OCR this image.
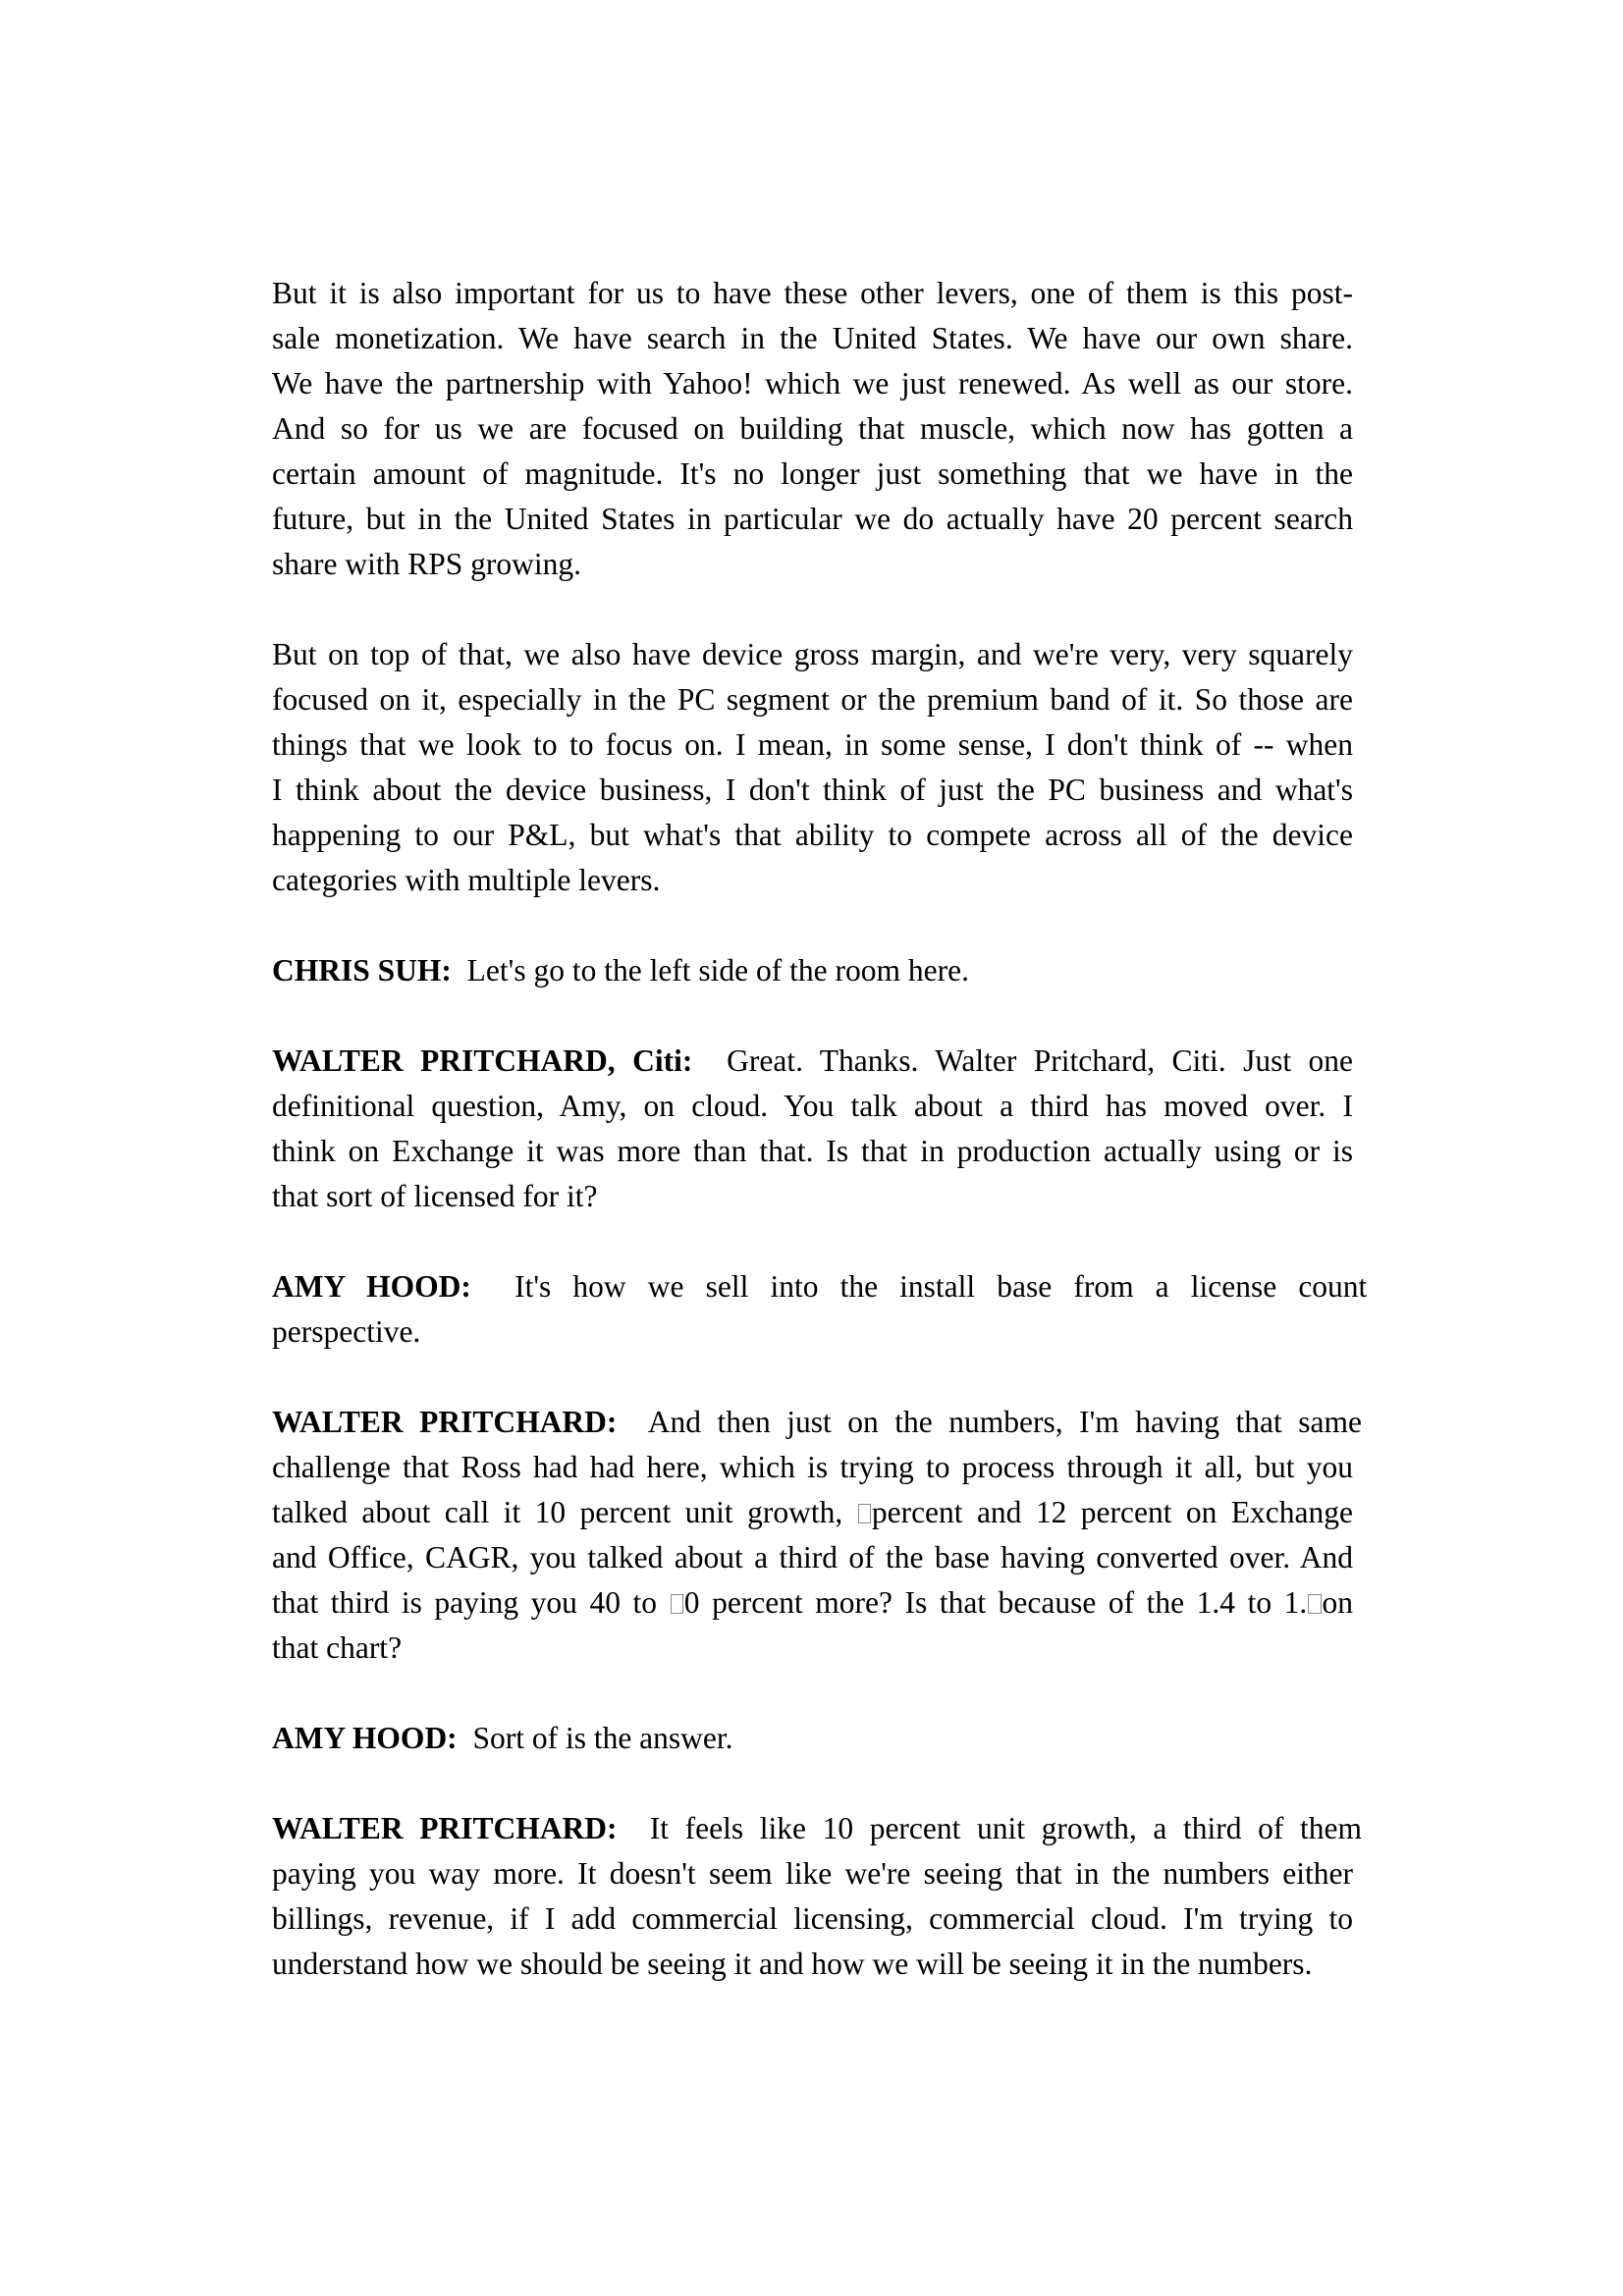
But it is also important for us to have these other levers, one of them is this post-
sale monetization. We have search in the United States. We have our own share.
We have the partnership with Yahoo! which we just renewed. As well as our store.
And so for us we are focused on building that muscle, which now has gotten a
certain amount of magnitude. It's no longer just something that we have in the
future, but in the United States in particular we do actually have 20 percent search
share with RPS growing.

But on top of that, we also have device gross margin, and we're very, very squarely
focused on it, especially in the PC segment or the premium band of it. So those are
things that we look to to focus on. I mean, in some sense, I don't think of -- when
I think about the device business, I don't think of just the PC business and what's
happening to our P&L, but what's that ability to compete across all of the device
categories with multiple levers.

CHRIS SUH: Let's go to the left side of the room here.

WALTER PRITCHARD, Citi: Great. Thanks. Walter Pritchard, Citi. Just one
definitional question, Amy, on cloud. You talk about a third has moved over. I
think on Exchange it was more than that. Is that in production actually using or is
that sort of licensed for it?

AMY HOOD: It's how we sell into the install base from a license count
perspective.

WALTER PRITCHARD: And then just on the numbers, I'm having that same
challenge that Ross had had here, which is trying to process through it all, but you
talked about call it 10 percent unit growth, percent and 12 percent on Exchange
and Office, CAGR, you talked about a third of the base having converted over. And
that third is paying you 40 to 0 percent more? Is that because of the 1.4 to 1. on
that chart?

AMY HOOD: Sort of is the answer.

WALTER PRITCHARD: It feels like 10 percent unit growth, a third of them
paying you way more. It doesn't seem like we're seeing that in the numbers either
billings, revenue, if I add commercial licensing, commercial cloud. I'm trying to
understand how we should be seeing it and how we will be seeing it in the numbers.
